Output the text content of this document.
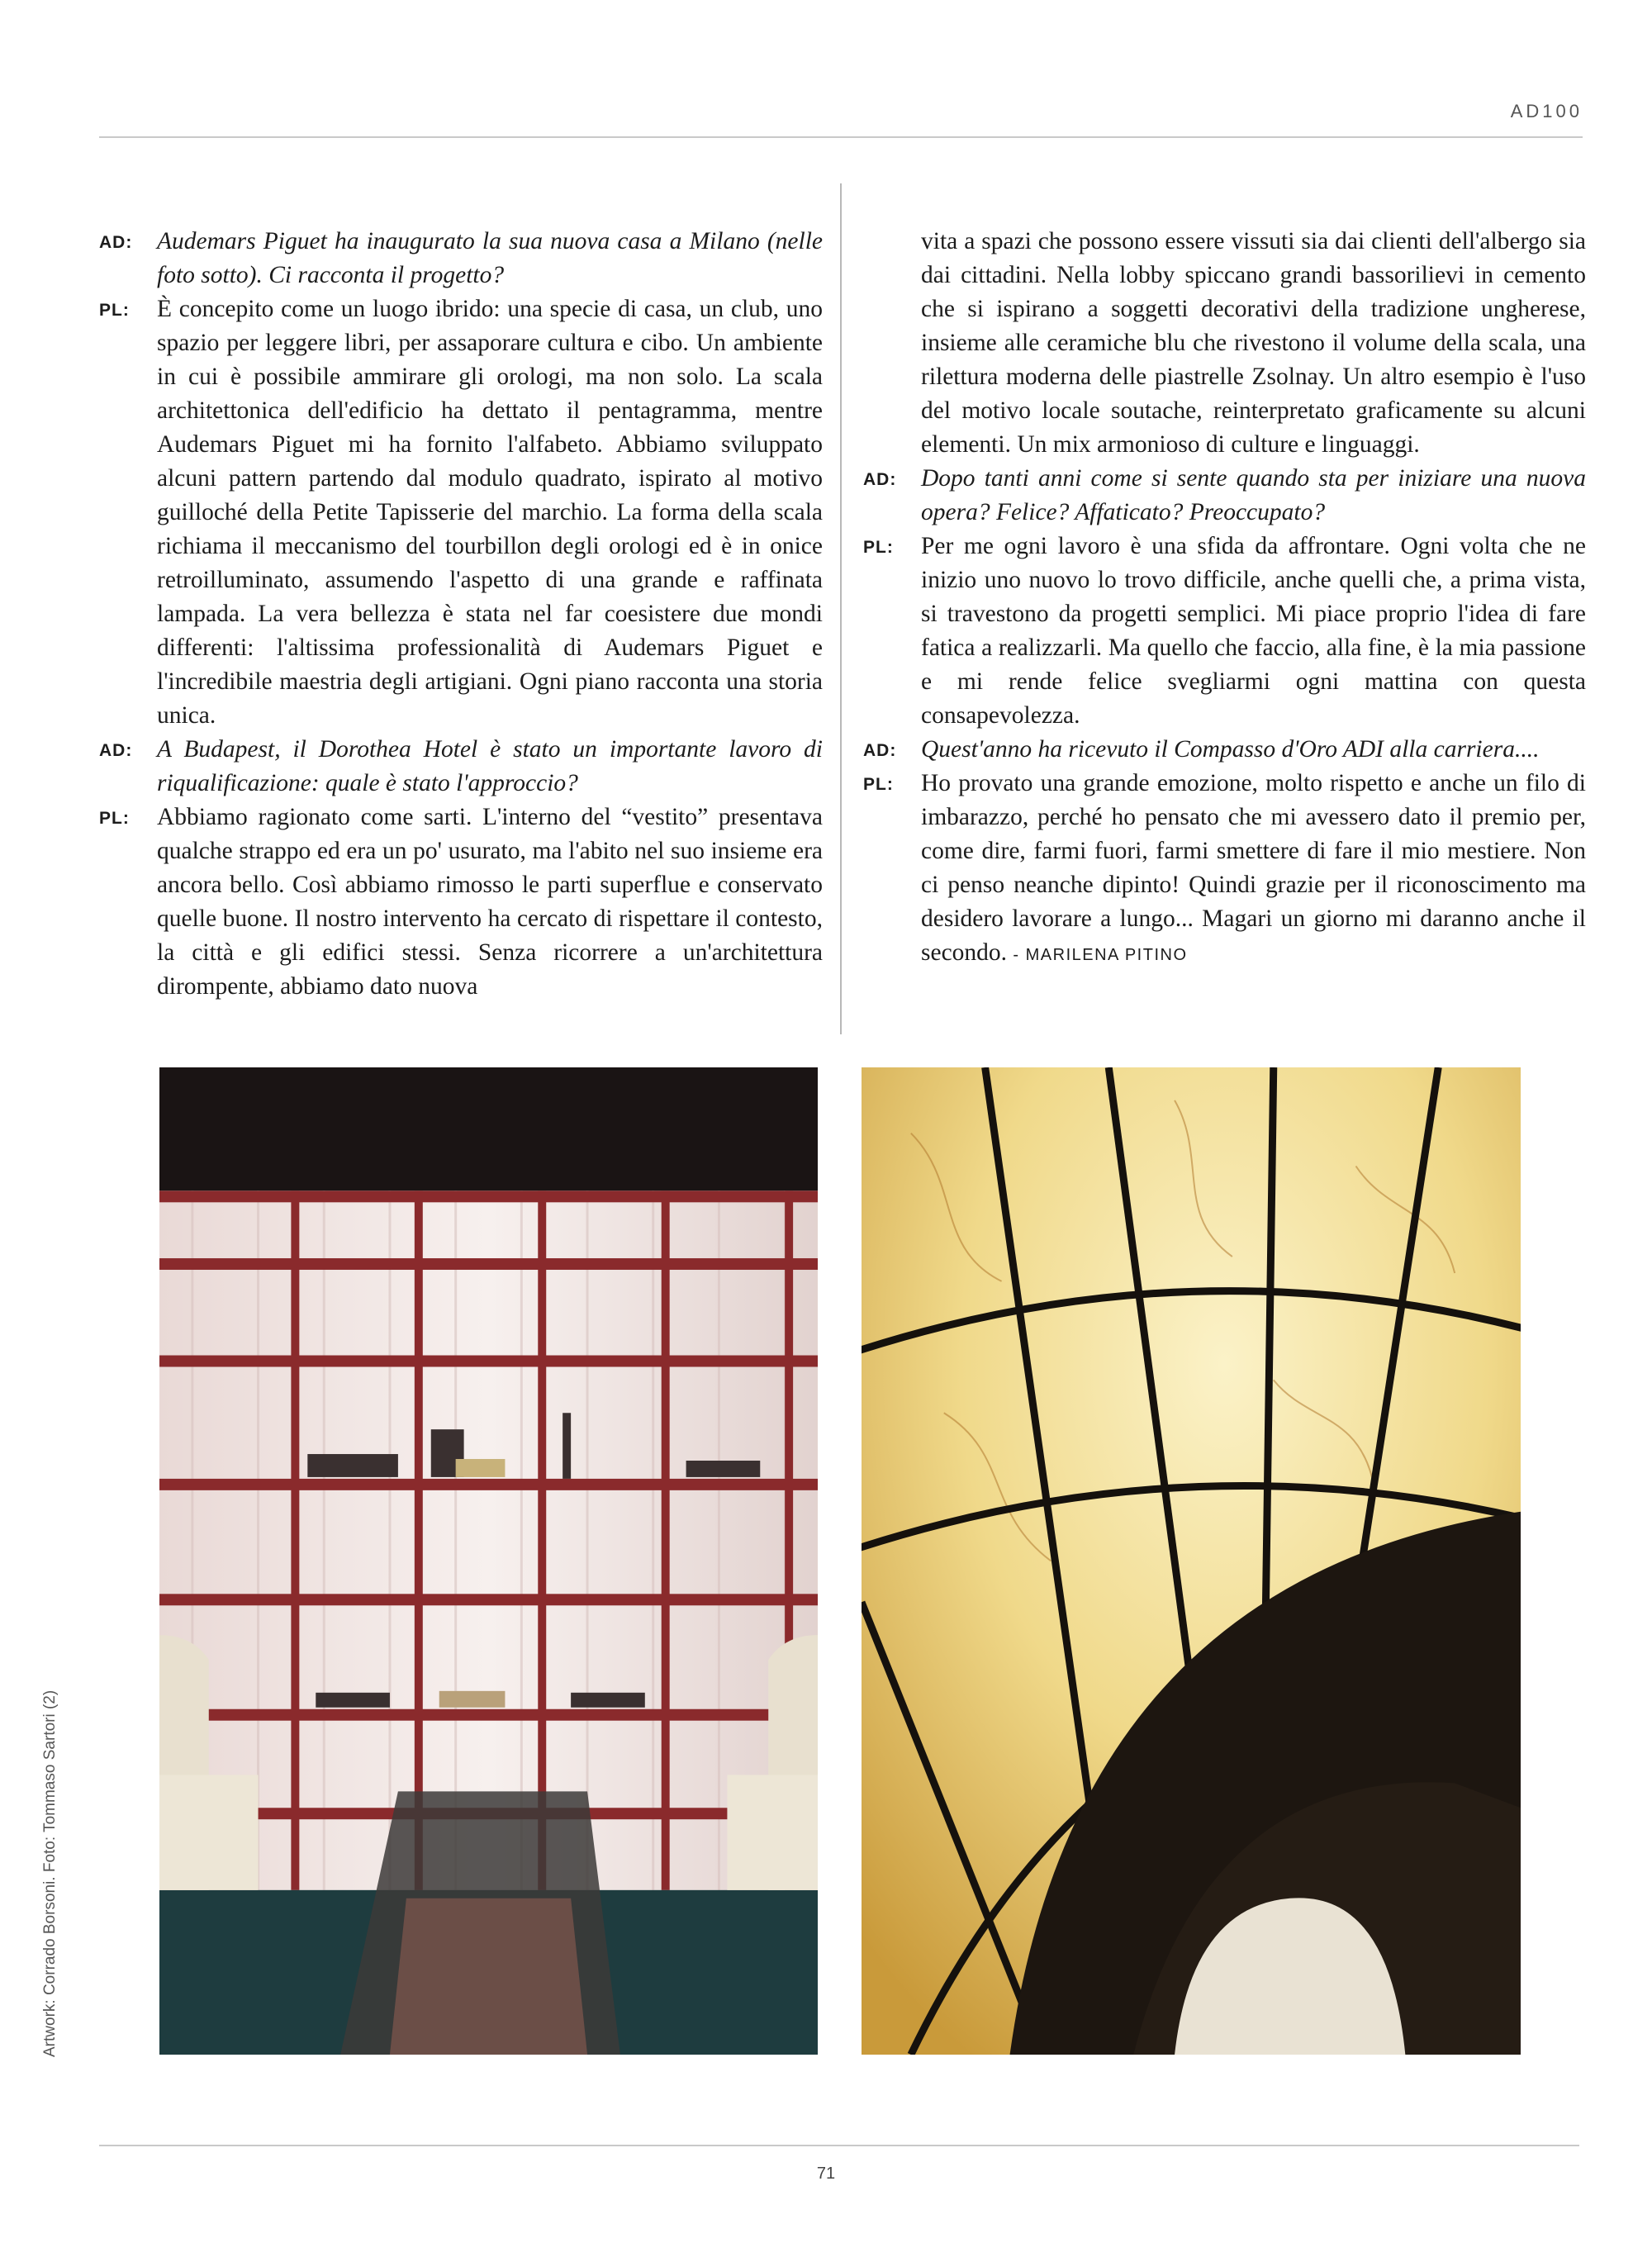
AD100
AD:	Audemars Piguet ha inaugurato la sua nuova casa a Milano (nelle foto sotto). Ci racconta il progetto?

PL:	È concepito come un luogo ibrido: una specie di casa, un club, uno spazio per leggere libri, per assaporare cultura e cibo. Un ambiente in cui è possibile ammirare gli orologi, ma non solo. La scala architettonica dell'edificio ha dettato il pentagramma, mentre Audemars Piguet mi ha fornito l'alfabeto. Abbiamo sviluppato alcuni pattern partendo dal modulo quadrato, ispirato al motivo guilloché della Petite Tapisserie del marchio. La forma della scala richiama il meccanismo del tourbillon degli orologi ed è in onice retroilluminato, assumendo l'aspetto di una grande e raffinata lampada. La vera bellezza è stata nel far coesistere due mondi differenti: l'altissima professionalità di Audemars Piguet e l'incredibile maestria degli artigiani. Ogni piano racconta una storia unica.

AD:	A Budapest, il Dorothea Hotel è stato un importante lavoro di riqualificazione: quale è stato l'approccio?

PL:	Abbiamo ragionato come sarti. L'interno del “vestito” presentava qualche strappo ed era un po' usurato, ma l'abito nel suo insieme era ancora bello. Così abbiamo rimosso le parti superflue e conservato quelle buone. Il nostro intervento ha cercato di rispettare il contesto, la città e gli edifici stessi. Senza ricorrere a un'architettura dirompente, abbiamo dato nuova

vita a spazi che possono essere vissuti sia dai clienti dell'albergo sia dai cittadini. Nella lobby spiccano grandi bassorilievi in cemento che si ispirano a soggetti decorativi della tradizione ungherese, insieme alle ceramiche blu che rivestono il volume della scala, una rilettura moderna delle piastrelle Zsolnay. Un altro esempio è l'uso del motivo locale soutache, reinterpretato graficamente su alcuni elementi. Un mix armonioso di culture e linguaggi.

AD:	Dopo tanti anni come si sente quando sta per iniziare una nuova opera? Felice? Affaticato? Preoccupato?

PL:	Per me ogni lavoro è una sfida da affrontare. Ogni volta che ne inizio uno nuovo lo trovo difficile, anche quelli che, a prima vista, si travestono da progetti semplici. Mi piace proprio l'idea di fare fatica a realizzarli. Ma quello che faccio, alla fine, è la mia passione e mi rende felice svegliarmi ogni mattina con questa consapevolezza.

AD:	Quest'anno ha ricevuto il Compasso d'Oro ADI alla carriera....

PL:	Ho provato una grande emozione, molto rispetto e anche un filo di imbarazzo, perché ho pensato che mi avessero dato il premio per, come dire, farmi fuori, farmi smettere di fare il mio mestiere. Non ci penso neanche dipinto! Quindi grazie per il riconoscimento ma desidero lavorare a lungo... Magari un giorno mi daranno anche il secondo. - MARILENA PITINO

Artwork: Corrado Borsoni. Foto: Tommaso Sartori (2)
71
